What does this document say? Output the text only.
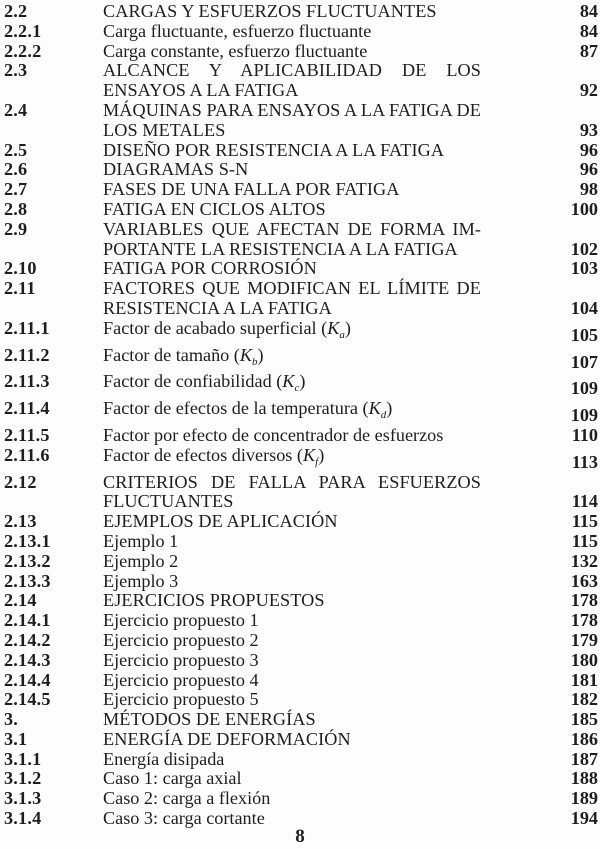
2.2	CARGAS Y ESFUERZOS FLUCTUANTES	84
2.2.1	Carga fluctuante, esfuerzo fluctuante	84
2.2.2	Carga constante, esfuerzo fluctuante	87
2.3	ALCANCE Y APLICABILIDAD DE LOS ENSAYOS A LA FATIGA	92
2.4	MÁQUINAS PARA ENSAYOS A LA FATIGA DE LOS METALES	93
2.5	DISEÑO POR RESISTENCIA A LA FATIGA	96
2.6	DIAGRAMAS S-N	96
2.7	FASES DE UNA FALLA POR FATIGA	98
2.8	FATIGA EN CICLOS ALTOS	100
2.9	VARIABLES QUE AFECTAN DE FORMA IM-PORTANTE LA RESISTENCIA A LA FATIGA	102
2.10	FATIGA POR CORROSIÓN	103
2.11	FACTORES QUE MODIFICAN EL LÍMITE DE RESISTENCIA A LA FATIGA	104
2.11.1	Factor de acabado superficial $(K_a)$	105
2.11.2	Factor de tamaño $(K_b)$	107
2.11.3	Factor de confiabilidad $(K_c)$	109
2.11.4	Factor de efectos de la temperatura $(K_d)$	109
2.11.5	Factor por efecto de concentrador de esfuerzos	110
2.11.6	Factor de efectos diversos $(K_f)$	113
2.12	CRITERIOS DE FALLA PARA ESFUERZOS FLUCTUANTES	114
2.13	EJEMPLOS DE APLICACIÓN	115
2.13.1	Ejemplo 1	115
2.13.2	Ejemplo 2	132
2.13.3	Ejemplo 3	163
2.14	EJERCICIOS PROPUESTOS	178
2.14.1	Ejercicio propuesto 1	178
2.14.2	Ejercicio propuesto 2	179
2.14.3	Ejercicio propuesto 3	180
2.14.4	Ejercicio propuesto 4	181
2.14.5	Ejercicio propuesto 5	182
3.	MÉTODOS DE ENERGÍAS	185
3.1	ENERGÍA DE DEFORMACIÓN	186
3.1.1	Energía disipada	187
3.1.2	Caso 1: carga axial	188
3.1.3	Caso 2: carga a flexión	189
3.1.4	Caso 3: carga cortante	194
8
